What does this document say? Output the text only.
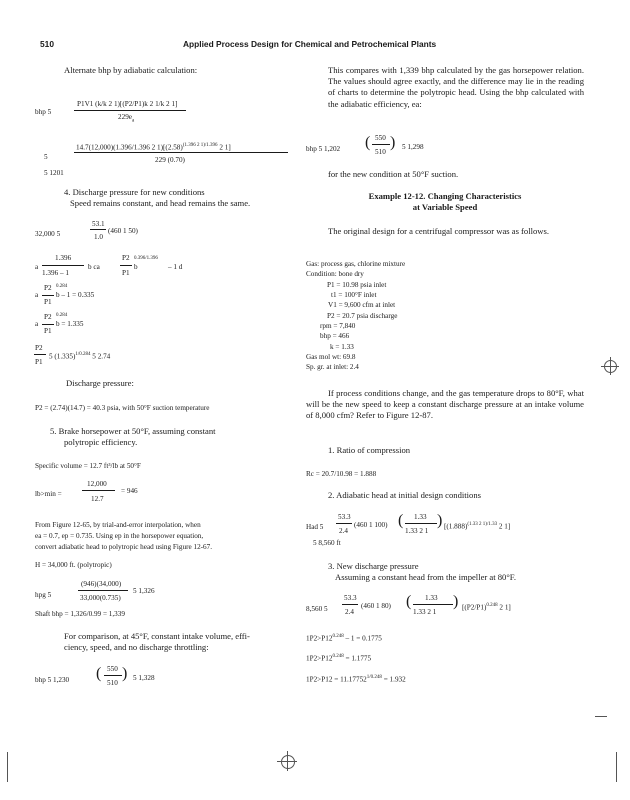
510	Applied Process Design for Chemical and Petrochemical Plants
Alternate bhp by adiabatic calculation:
bhp 5
P1V1 (k/k 2 1)[(P2/P1)k 2 1/k 2 1]
$229e_a$
5
14.7(12,000)(1.396/1.396 2 $1)[(2.58)^{(1.396 2 1)/1.396}$ 2 1]
229 (0.70)
5 1201
4. Discharge pressure for new conditions
Speed remains constant, and head remains the same.
32,000 5
53.1
1.0
(460 1 50)
a
1.396
1.396 – 1
b ca
P2
P1
0.396/1.396
b	– 1 d
a
P2
P1
0.284
b – 1 = 0.335
a
P2
P1
0.284
b = 1.335
P2
P1
5 $(1.335)^{1/0.284}$ 5 2.74
Discharge pressure:
P2 = (2.74)(14.7) = 40.3 psia, with 50°F suction temperature
5. Brake horsepower at 50°F, assuming constant
polytropic efficiency.
Specific volume = 12.7 ft³/lb at 50°F
lb>min =
12,000
12.7
= 946
From Figure 12-65, by trial-and-error interpolation, when
ea = 0.7, ep = 0.735. Using ep in the horsepower equation,
convert adiabatic head to polytropic head using Figure 12-67.
H = 34,000 ft. (polytropic)
hpg 5
(946)(34,000)
33,000(0.735)
5 1,326
Shaft bhp = 1,326/0.99 = 1,339
For comparison, at 45°F, constant intake volume, effi-
ciency, speed, and no discharge throttling:
bhp 5 1,230 ( 550
510
) 5 1,328
This compares with 1,339 bhp calculated by the gas horsepower relation. The values should agree exactly, and the difference may lie in the reading of charts to determine the polytropic head. Using the bhp calculated with the adiabatic efficiency, ea:
bhp 5 1,202 ( 550
510
) 5 1,298
for the new condition at 50°F suction.
Example 12-12. Changing Characteristics
at Variable Speed
The original design for a centrifugal compressor was as follows.
Gas: process gas, chlorine mixture
Condition: bone dry
P1 = 10.98 psia inlet
t1 = 100°F inlet
V1 = 9,600 cfm at inlet
P2 = 20.7 psia discharge
rpm = 7,840
bhp = 466
k = 1.33
Gas mol wt: 69.8
Sp. gr. at inlet: 2.4
If process conditions change, and the gas temperature drops to 80°F, what will be the new speed to keep a constant discharge pressure at an intake volume of 8,000 cfm? Refer to Figure 12-87.
1. Ratio of compression
Rc = 20.7/10.98 = 1.888
2. Adiabatic head at initial design conditions
Had 5
53.3
2.4
(460 1 100) ( 1.33
1.33 2 1
) [$(1.888)^{(1.33 2 1)/1.33}$ 2 1]
5 8,560 ft
3. New discharge pressure
Assuming a constant head from the impeller at 80°F.
8,560 5
53.3
2.4
(460 1 80) ( 1.33
1.33 2 1
) [$(P2/P1)^{0.248}$ 2 1]
$1P2>P12^{0.248} - 1 = 0.1775$
$1P2>P12^{0.248} = 1.1775$
$1P2>P12 = 11.17752^{1/0.248} = 1.932$
